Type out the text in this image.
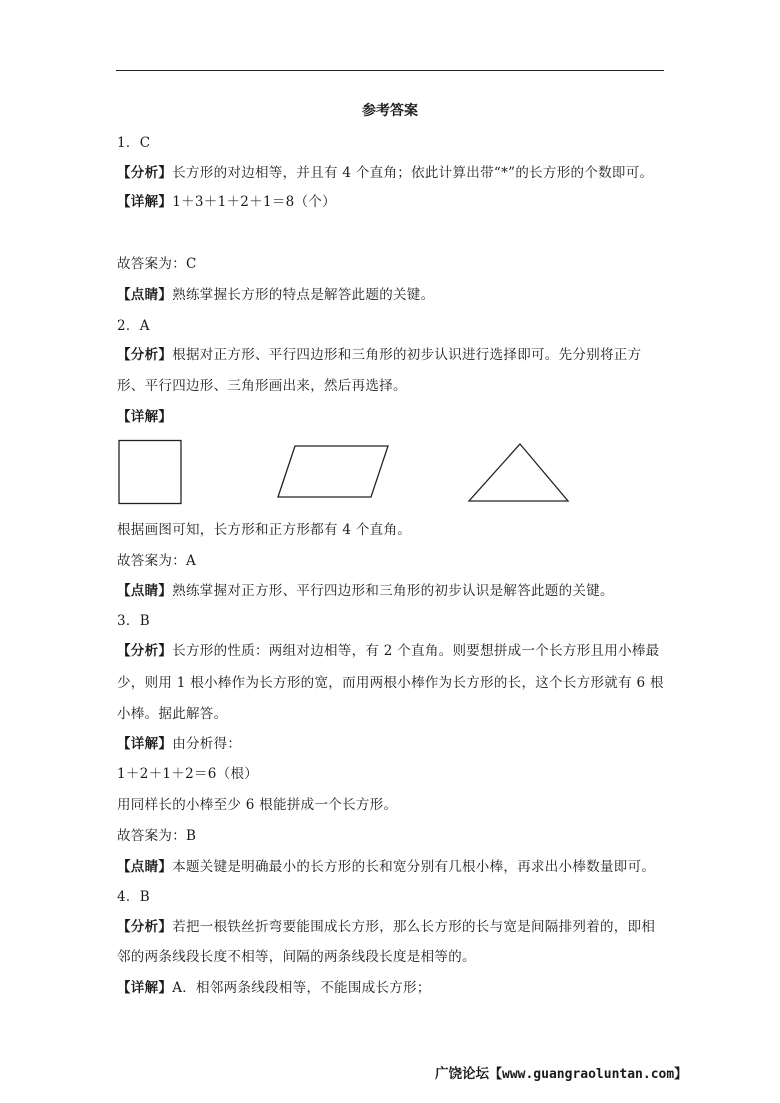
参考答案
1．C
【分析】长方形的对边相等，并且有 4 个直角；依此计算出带“*”的长方形的个数即可。
【详解】1＋3＋1＋2＋1＝8（个）
故答案为：C
【点睛】熟练掌握长方形的特点是解答此题的关键。
2．A
【分析】根据对正方形、平行四边形和三角形的初步认识进行选择即可。先分别将正方
形、平行四边形、三角形画出来，然后再选择。
【详解】
根据画图可知，长方形和正方形都有 4 个直角。
故答案为：A
【点睛】熟练掌握对正方形、平行四边形和三角形的初步认识是解答此题的关键。
3．B
【分析】长方形的性质：两组对边相等，有 2 个直角。则要想拼成一个长方形且用小棒最
少，则用 1 根小棒作为长方形的宽，而用两根小棒作为长方形的长，这个长方形就有 6 根
小棒。据此解答。
【详解】由分析得：
1＋2＋1＋2＝6（根）
用同样长的小棒至少 6 根能拼成一个长方形。
故答案为：B
【点睛】本题关键是明确最小的长方形的长和宽分别有几根小棒，再求出小棒数量即可。
4．B
【分析】若把一根铁丝折弯要能围成长方形，那么长方形的长与宽是间隔排列着的，即相
邻的两条线段长度不相等，间隔的两条线段长度是相等的。
【详解】A．相邻两条线段相等，不能围成长方形；
广饶论坛【www.guangraoluntan.com】
